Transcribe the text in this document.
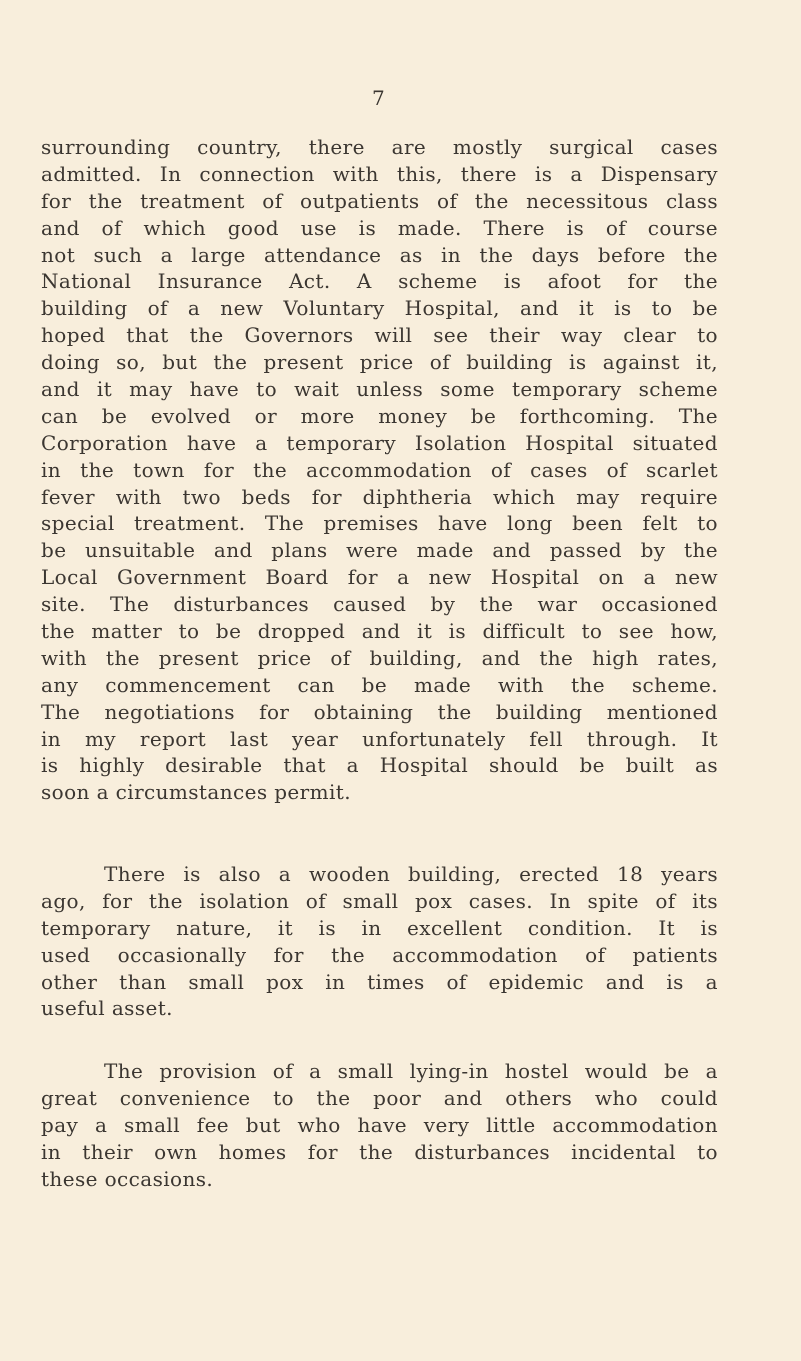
7
surrounding country, there are mostly surgical cases
admitted. In connection with this, there is a Dispensary
for the treatment of outpatients of the necessitous class
and of which good use is made. There is of course
not such a large attendance as in the days before the
National Insurance Act. A scheme is afoot for the
building of a new Voluntary Hospital, and it is to be
hoped that the Governors will see their way clear to
doing so, but the present price of building is against it,
and it may have to wait unless some temporary scheme
can be evolved or more money be forthcoming. The
Corporation have a temporary Isolation Hospital situated
in the town for the accommodation of cases of scarlet
fever with two beds for diphtheria which may require
special treatment. The premises have long been felt to
be unsuitable and plans were made and passed by the
Local Government Board for a new Hospital on a new
site. The disturbances caused by the war occasioned
the matter to be dropped and it is difficult to see how,
with the present price of building, and the high rates,
any commencement can be made with the scheme.
The negotiations for obtaining the building mentioned
in my report last year unfortunately fell through. It
is highly desirable that a Hospital should be built as
soon a circumstances permit.
There is also a wooden building, erected 18 years
ago, for the isolation of small pox cases. In spite of its
temporary nature, it is in excellent condition. It is
used occasionally for the accommodation of patients
other than small pox in times of epidemic and is a
useful asset.
The provision of a small lying-in hostel would be a
great convenience to the poor and others who could
pay a small fee but who have very little accommodation
in their own homes for the disturbances incidental to
these occasions.
